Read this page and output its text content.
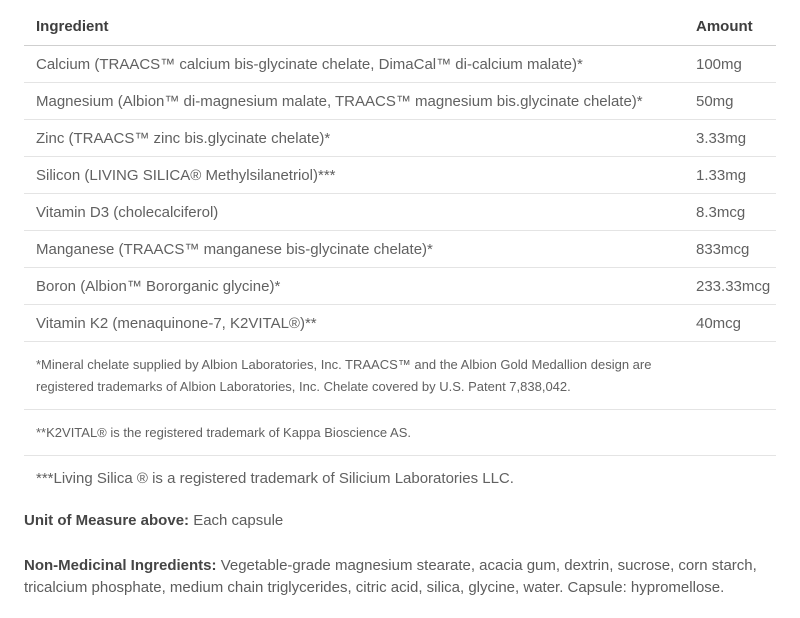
Ingredient	Amount
Calcium (TRAACS™ calcium bis-glycinate chelate, DimaCal™ di-calcium malate)*	100mg
Magnesium (Albion™ di-magnesium malate, TRAACS™ magnesium bis.glycinate chelate)*	50mg
Zinc (TRAACS™ zinc bis.glycinate chelate)*	3.33mg
Silicon (LIVING SILICA® Methylsilanetriol)***	1.33mg
Vitamin D3 (cholecalciferol)	8.3mcg
Manganese (TRAACS™ manganese bis-glycinate chelate)*	833mcg
Boron (Albion™ Bororganic glycine)*	233.33mcg
Vitamin K2 (menaquinone-7, K2VITAL®)**	40mcg

*Mineral chelate supplied by Albion Laboratories, Inc. TRAACS™ and the Albion Gold Medallion design are registered trademarks of Albion Laboratories, Inc. Chelate covered by U.S. Patent 7,838,042.

**K2VITAL® is the registered trademark of Kappa Bioscience AS.

***Living Silica ® is a registered trademark of Silicium Laboratories LLC.

Unit of Measure above: Each capsule
Non-Medicinal Ingredients: Vegetable-grade magnesium stearate, acacia gum, dextrin, sucrose, corn starch, tricalcium phosphate, medium chain triglycerides, citric acid, silica, glycine, water. Capsule: hypromellose.
